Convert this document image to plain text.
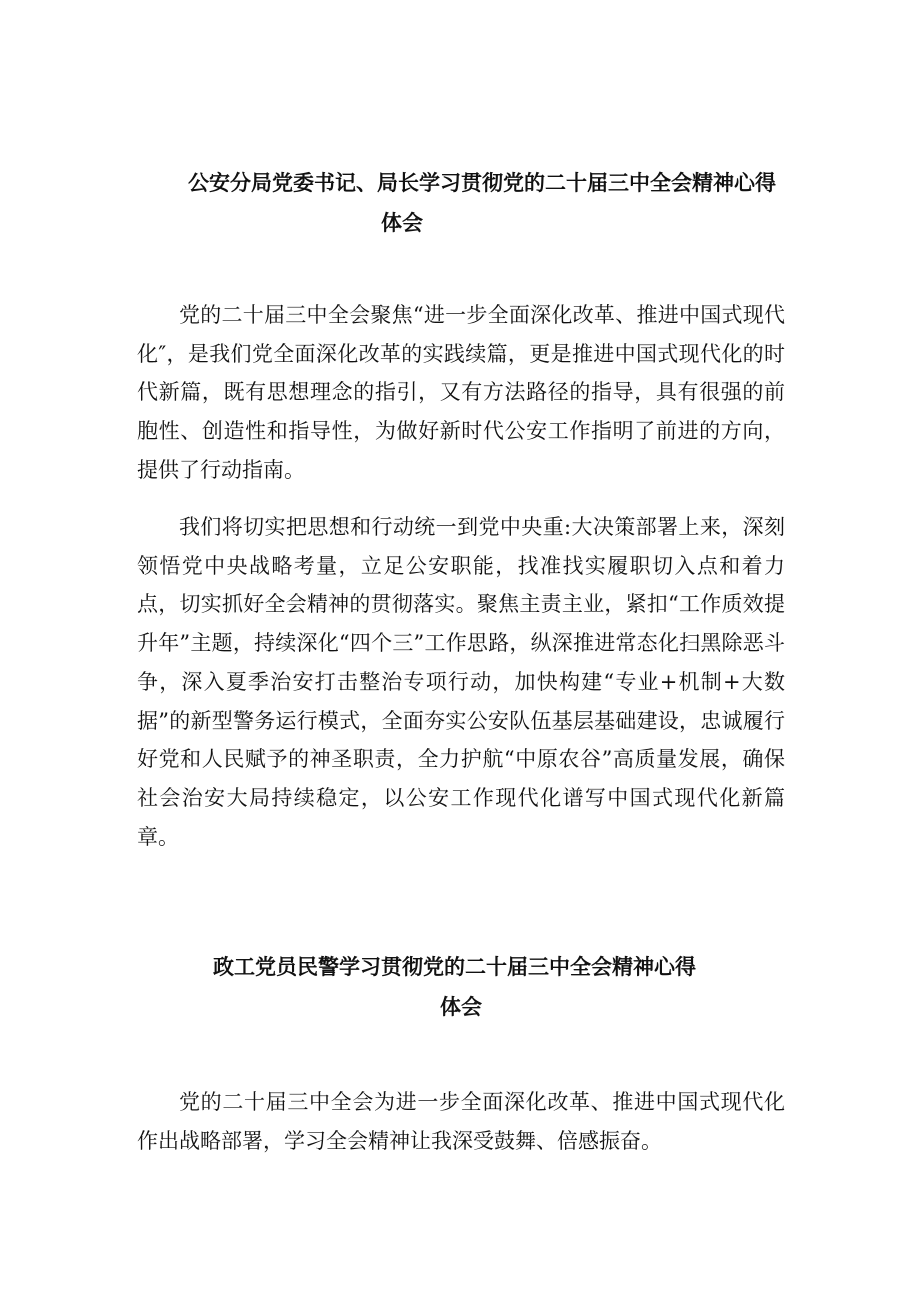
公安分局党委书记、局长学习贯彻党的二十届三中全会精神心得
体会

党的二十届三中全会聚焦“进一步全面深化改革、推进中国式现代化″，是我们党全面深化改革的实践续篇，更是推进中国式现代化的时代新篇，既有思想理念的指引，又有方法路径的指导，具有很强的前胞性、创造性和指导性，为做好新时代公安工作指明了前进的方向，提供了行动指南。

我们将切实把思想和行动统一到党中央重:大决策部署上来，深刻领悟党中央战略考量，立足公安职能，找准找实履职切入点和着力点，切实抓好全会精神的贯彻落实。聚焦主责主业，紧扣“工作质效提升年”主题，持续深化“四个三”工作思路，纵深推进常态化扫黑除恶斗争，深入夏季治安打击整治专项行动，加快构建“专业+机制+大数据”的新型警务运行模式，全面夯实公安队伍基层基础建设，忠诚履行好党和人民赋予的神圣职责，全力护航“中原农谷”高质量发展，确保社会治安大局持续稳定，以公安工作现代化谱写中国式现代化新篇章。

政工党员民警学习贯彻党的二十届三中全会精神心得
体会

党的二十届三中全会为进一步全面深化改革、推进中国式现代化作出战略部署，学习全会精神让我深受鼓舞、倍感振奋。
